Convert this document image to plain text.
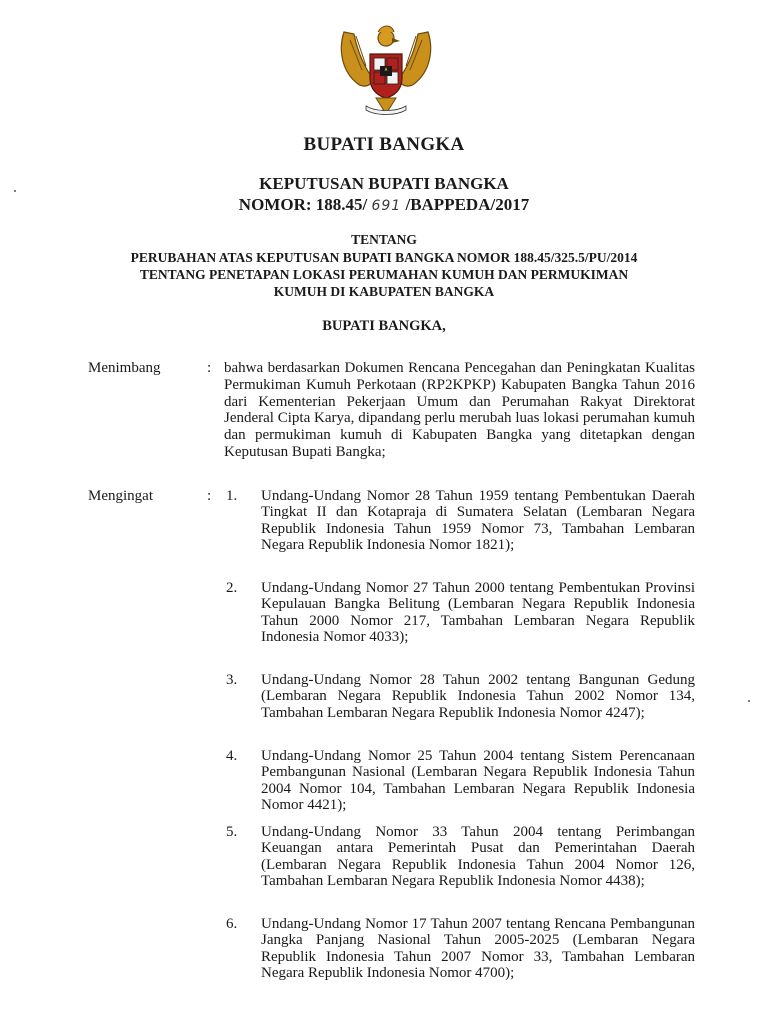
BUPATI BANGKA
KEPUTUSAN BUPATI BANGKA
NOMOR: 188.45/ 691 /BAPPEDA/2017
TENTANG
PERUBAHAN ATAS KEPUTUSAN BUPATI BANGKA NOMOR 188.45/325.5/PU/2014 TENTANG PENETAPAN LOKASI PERUMAHAN KUMUH DAN PERMUKIMAN KUMUH DI KABUPATEN BANGKA
BUPATI BANGKA,
Menimbang	: bahwa berdasarkan Dokumen Rencana Pencegahan dan Peningkatan Kualitas Permukiman Kumuh Perkotaan (RP2KPKP) Kabupaten Bangka Tahun 2016 dari Kementerian Pekerjaan Umum dan Perumahan Rakyat Direktorat Jenderal Cipta Karya, dipandang perlu merubah luas lokasi perumahan kumuh dan permukiman kumuh di Kabupaten Bangka yang ditetapkan dengan Keputusan Bupati Bangka;
Mengingat	: 1. Undang-Undang Nomor 28 Tahun 1959 tentang Pembentukan Daerah Tingkat II dan Kotapraja di Sumatera Selatan (Lembaran Negara Republik Indonesia Tahun 1959 Nomor 73, Tambahan Lembaran Negara Republik Indonesia Nomor 1821);
2. Undang-Undang Nomor 27 Tahun 2000 tentang Pembentukan Provinsi Kepulauan Bangka Belitung (Lembaran Negara Republik Indonesia Tahun 2000 Nomor 217, Tambahan Lembaran Negara Republik Indonesia Nomor 4033);
3. Undang-Undang Nomor 28 Tahun 2002 tentang Bangunan Gedung (Lembaran Negara Republik Indonesia Tahun 2002 Nomor 134, Tambahan Lembaran Negara Republik Indonesia Nomor 4247);
4. Undang-Undang Nomor 25 Tahun 2004 tentang Sistem Perencanaan Pembangunan Nasional (Lembaran Negara Republik Indonesia Tahun 2004 Nomor 104, Tambahan Lembaran Negara Republik Indonesia Nomor 4421);
5. Undang-Undang Nomor 33 Tahun 2004 tentang Perimbangan Keuangan antara Pemerintah Pusat dan Pemerintahan Daerah (Lembaran Negara Republik Indonesia Tahun 2004 Nomor 126, Tambahan Lembaran Negara Republik Indonesia Nomor 4438);
6. Undang-Undang Nomor 17 Tahun 2007 tentang Rencana Pembangunan Jangka Panjang Nasional Tahun 2005-2025 (Lembaran Negara Republik Indonesia Tahun 2007 Nomor 33, Tambahan Lembaran Negara Republik Indonesia Nomor 4700);
